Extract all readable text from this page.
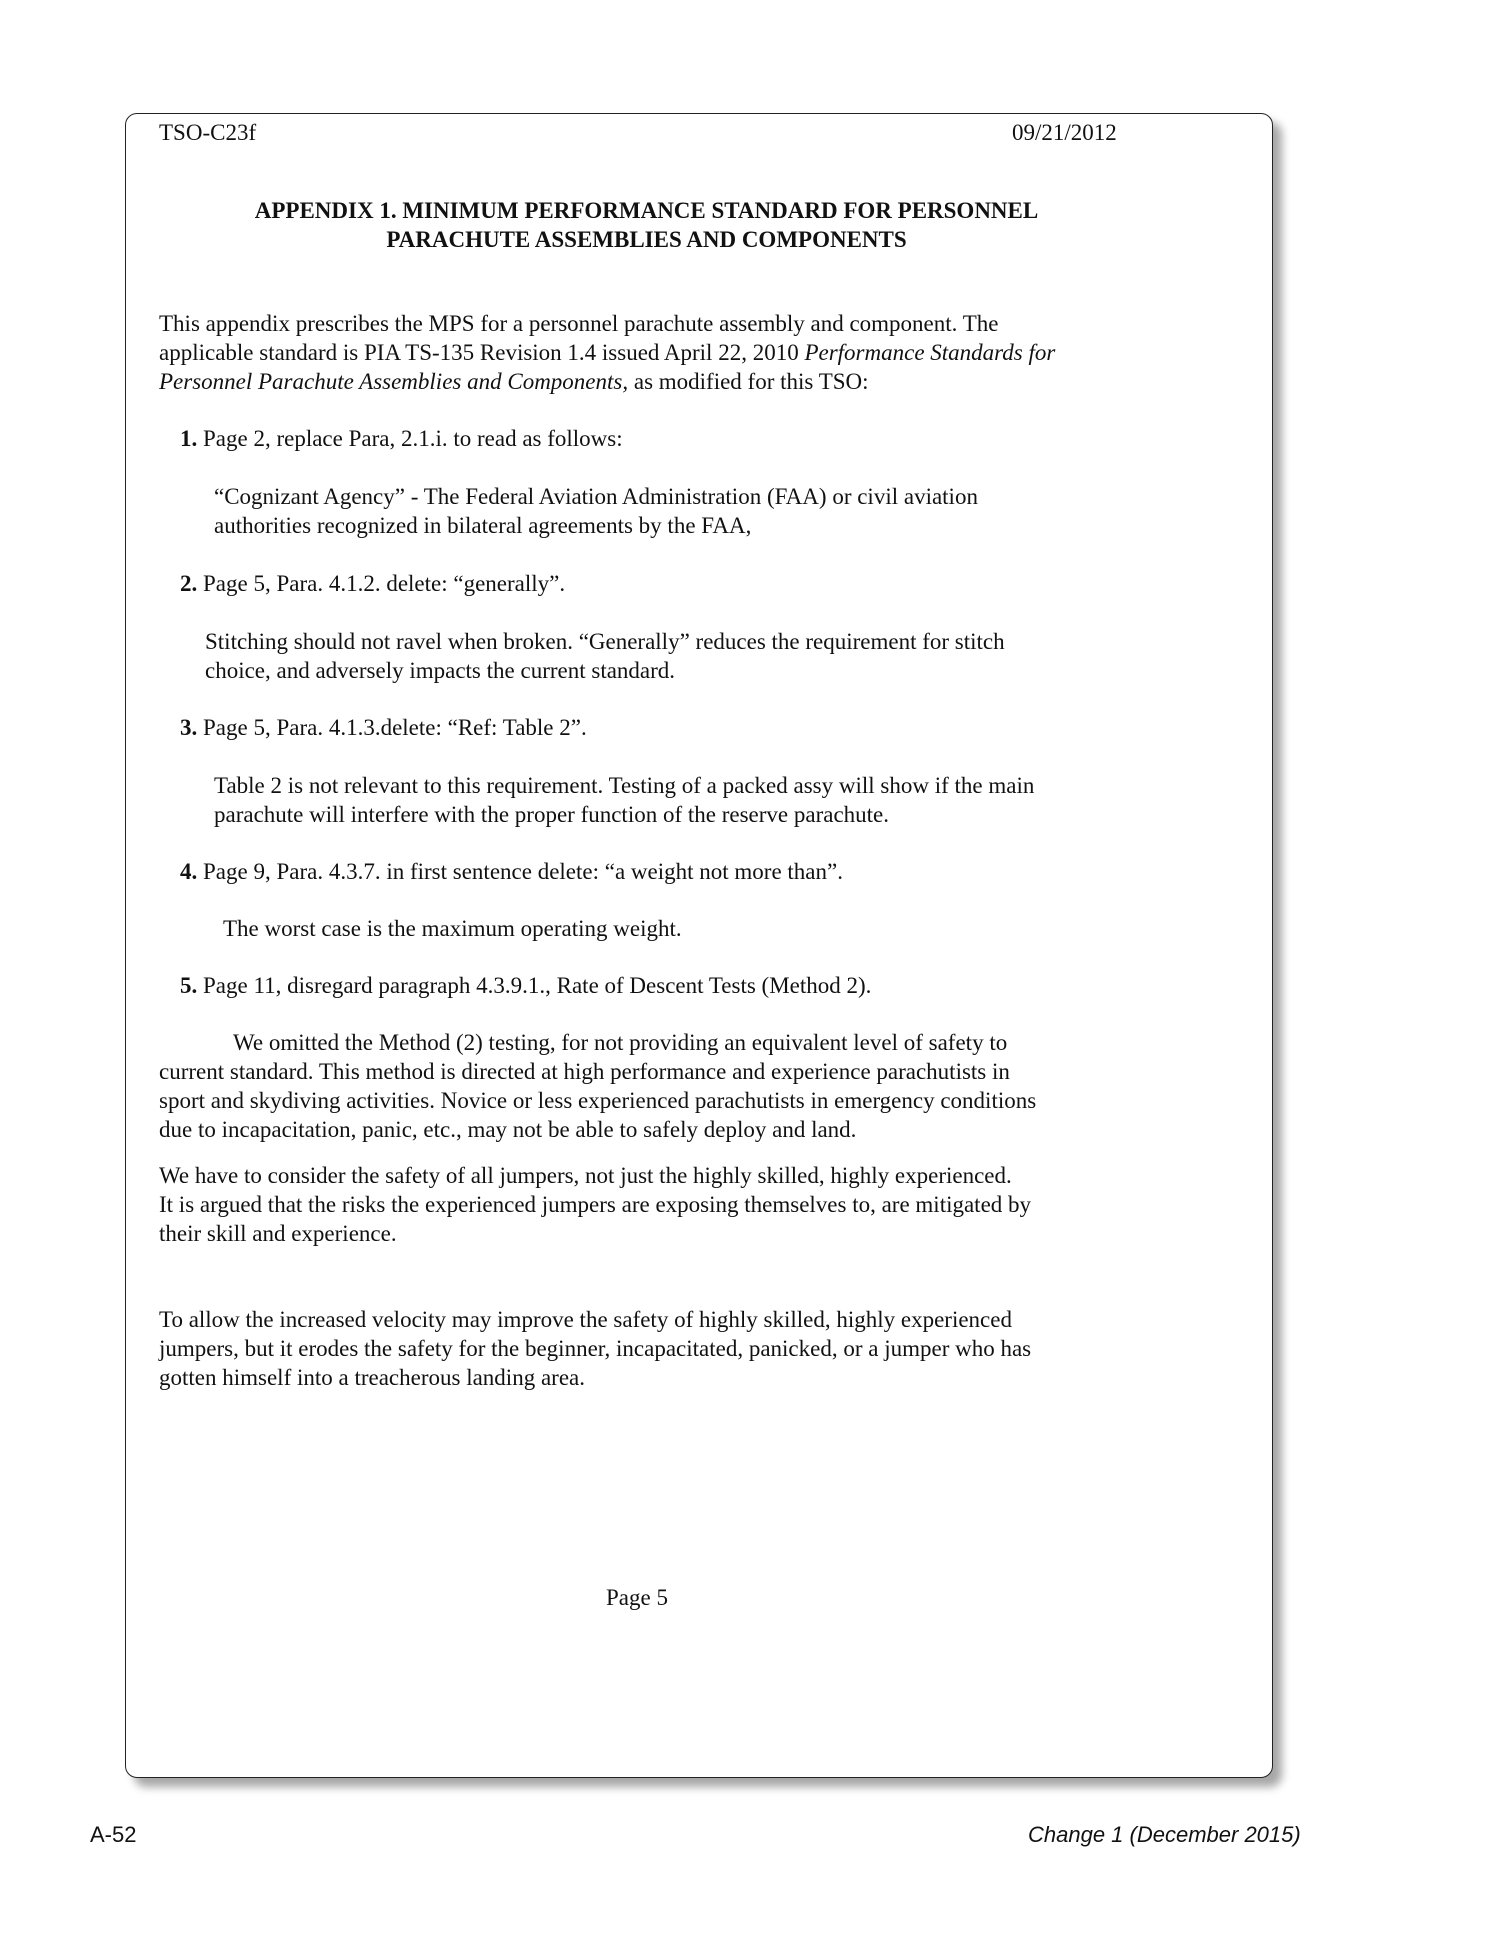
TSO-C23f	09/21/2012
APPENDIX 1. MINIMUM PERFORMANCE STANDARD FOR PERSONNEL
PARACHUTE ASSEMBLIES AND COMPONENTS

This appendix prescribes the MPS for a personnel parachute assembly and component. The

applicable standard is PIA TS-135 Revision 1.4 issued April 22, 2010 Performance Standards for

Personnel Parachute Assemblies and Components, as modified for this TSO:

1. Page 2, replace Para, 2.1.i. to read as follows:
“Cognizant Agency” - The Federal Aviation Administration (FAA) or civil aviation
authorities recognized in bilateral agreements by the FAA,
2. Page 5, Para. 4.1.2. delete: “generally”.
Stitching should not ravel when broken. “Generally” reduces the requirement for stitch
choice, and adversely impacts the current standard.
3. Page 5, Para. 4.1.3.delete: “Ref: Table 2”.
Table 2 is not relevant to this requirement. Testing of a packed assy will show if the main
parachute will interfere with the proper function of the reserve parachute.
4. Page 9, Para. 4.3.7. in first sentence delete: “a weight not more than”.
The worst case is the maximum operating weight.
5. Page 11, disregard paragraph 4.3.9.1., Rate of Descent Tests (Method 2).

We omitted the Method (2) testing, for not providing an equivalent level of safety to

current standard. This method is directed at high performance and experience parachutists in

sport and skydiving activities. Novice or less experienced parachutists in emergency conditions

due to incapacitation, panic, etc., may not be able to safely deploy and land.

We have to consider the safety of all jumpers, not just the highly skilled, highly experienced.

It is argued that the risks the experienced jumpers are exposing themselves to, are mitigated by

their skill and experience.

To allow the increased velocity may improve the safety of highly skilled, highly experienced

jumpers, but it erodes the safety for the beginner, incapacitated, panicked, or a jumper who has

gotten himself into a treacherous landing area.

Page 5
A-52	Change 1 (December 2015)
